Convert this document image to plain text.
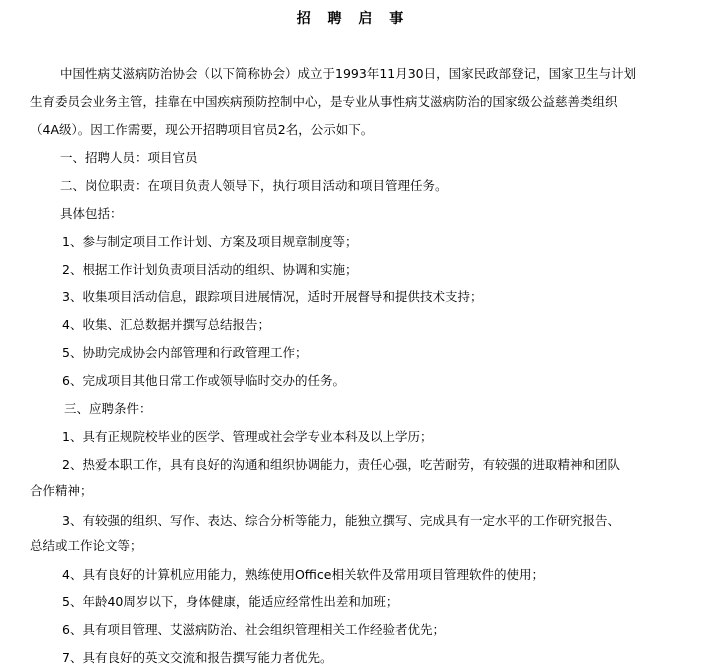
招 聘 启 事
中国性病艾滋病防治协会（以下简称协会）成立于1993年11月30日，国家民政部登记，国家卫生与计划
生育委员会业务主管，挂靠在中国疾病预防控制中心，是专业从事性病艾滋病防治的国家级公益慈善类组织
（4A级）。因工作需要，现公开招聘项目官员2名，公示如下。
一、招聘人员：项目官员
二、岗位职责：在项目负责人领导下，执行项目活动和项目管理任务。
具体包括：
1、参与制定项目工作计划、方案及项目规章制度等；
2、根据工作计划负责项目活动的组织、协调和实施；
3、收集项目活动信息，跟踪项目进展情况，适时开展督导和提供技术支持；
4、收集、汇总数据并撰写总结报告；
5、协助完成协会内部管理和行政管理工作；
6、完成项目其他日常工作或领导临时交办的任务。
三、应聘条件：
1、具有正规院校毕业的医学、管理或社会学专业本科及以上学历；
2、热爱本职工作，具有良好的沟通和组织协调能力，责任心强，吃苦耐劳，有较强的进取精神和团队
合作精神；
3、有较强的组织、写作、表达、综合分析等能力，能独立撰写、完成具有一定水平的工作研究报告、
总结或工作论文等；
4、具有良好的计算机应用能力，熟练使用Office相关软件及常用项目管理软件的使用；
5、年龄40周岁以下，身体健康，能适应经常性出差和加班；
6、具有项目管理、艾滋病防治、社会组织管理相关工作经验者优先；
7、具有良好的英文交流和报告撰写能力者优先。
